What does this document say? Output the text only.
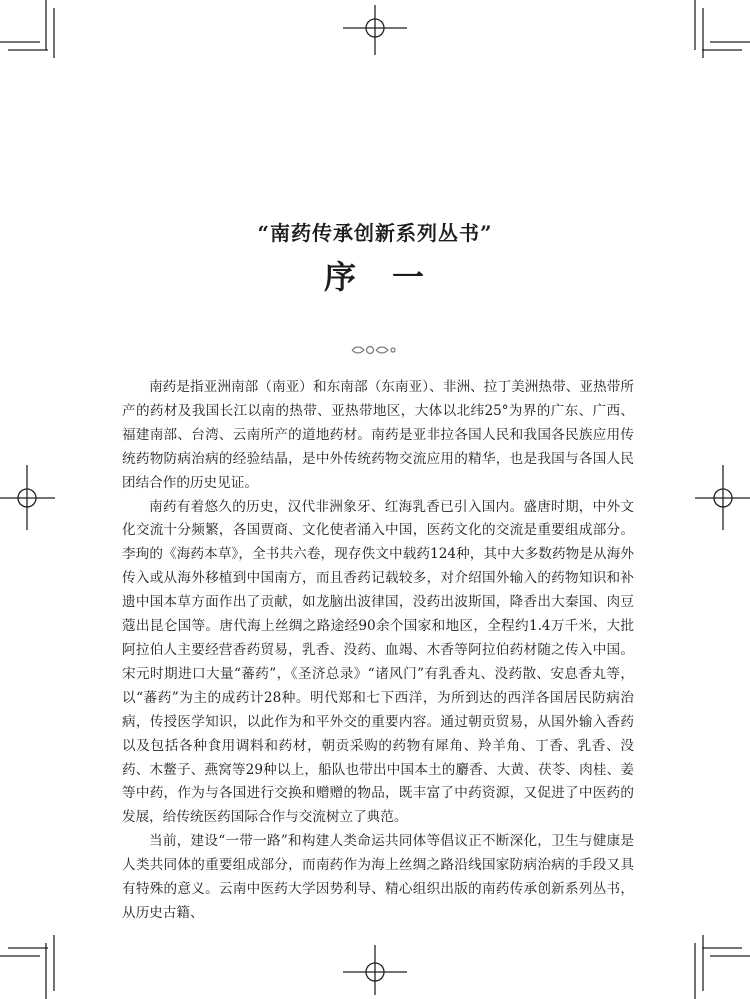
“南药传承创新系列丛书”
序　一

南药是指亚洲南部（南亚）和东南部（东南亚）、非洲、拉丁美洲热带、亚热带所产的药材及我国长江以南的热带、亚热带地区，大体以北纬25°为界的广东、广西、福建南部、台湾、云南所产的道地药材。南药是亚非拉各国人民和我国各民族应用传统药物防病治病的经验结晶，是中外传统药物交流应用的精华，也是我国与各国人民团结合作的历史见证。

南药有着悠久的历史，汉代非洲象牙、红海乳香已引入国内。盛唐时期，中外文化交流十分频繁，各国贾商、文化使者涌入中国，医药文化的交流是重要组成部分。李珣的《海药本草》，全书共六卷，现存佚文中载药124种，其中大多数药物是从海外传入或从海外移植到中国南方，而且香药记载较多，对介绍国外输入的药物知识和补遗中国本草方面作出了贡献，如龙脑出波律国，没药出波斯国，降香出大秦国、肉豆蔻出昆仑国等。唐代海上丝绸之路途经90余个国家和地区，全程约1.4万千米，大批阿拉伯人主要经营香药贸易，乳香、没药、血竭、木香等阿拉伯药材随之传入中国。宋元时期进口大量“蕃药”，《圣济总录》“诸风门”有乳香丸、没药散、安息香丸等，以“蕃药”为主的成药计28种。明代郑和七下西洋，为所到达的西洋各国居民防病治病，传授医学知识，以此作为和平外交的重要内容。通过朝贡贸易，从国外输入香药以及包括各种食用调料和药材，朝贡采购的药物有犀角、羚羊角、丁香、乳香、没药、木鳖子、燕窝等29种以上，船队也带出中国本土的麝香、大黄、茯苓、肉桂、姜等中药，作为与各国进行交换和赠赠的物品，既丰富了中药资源，又促进了中医药的发展，给传统医药国际合作与交流树立了典范。

当前，建设“一带一路”和构建人类命运共同体等倡议正不断深化，卫生与健康是人类共同体的重要组成部分，而南药作为海上丝绸之路沿线国家防病治病的手段又具有特殊的意义。云南中医药大学因势利导、精心组织出版的南药传承创新系列丛书，从历史古籍、
